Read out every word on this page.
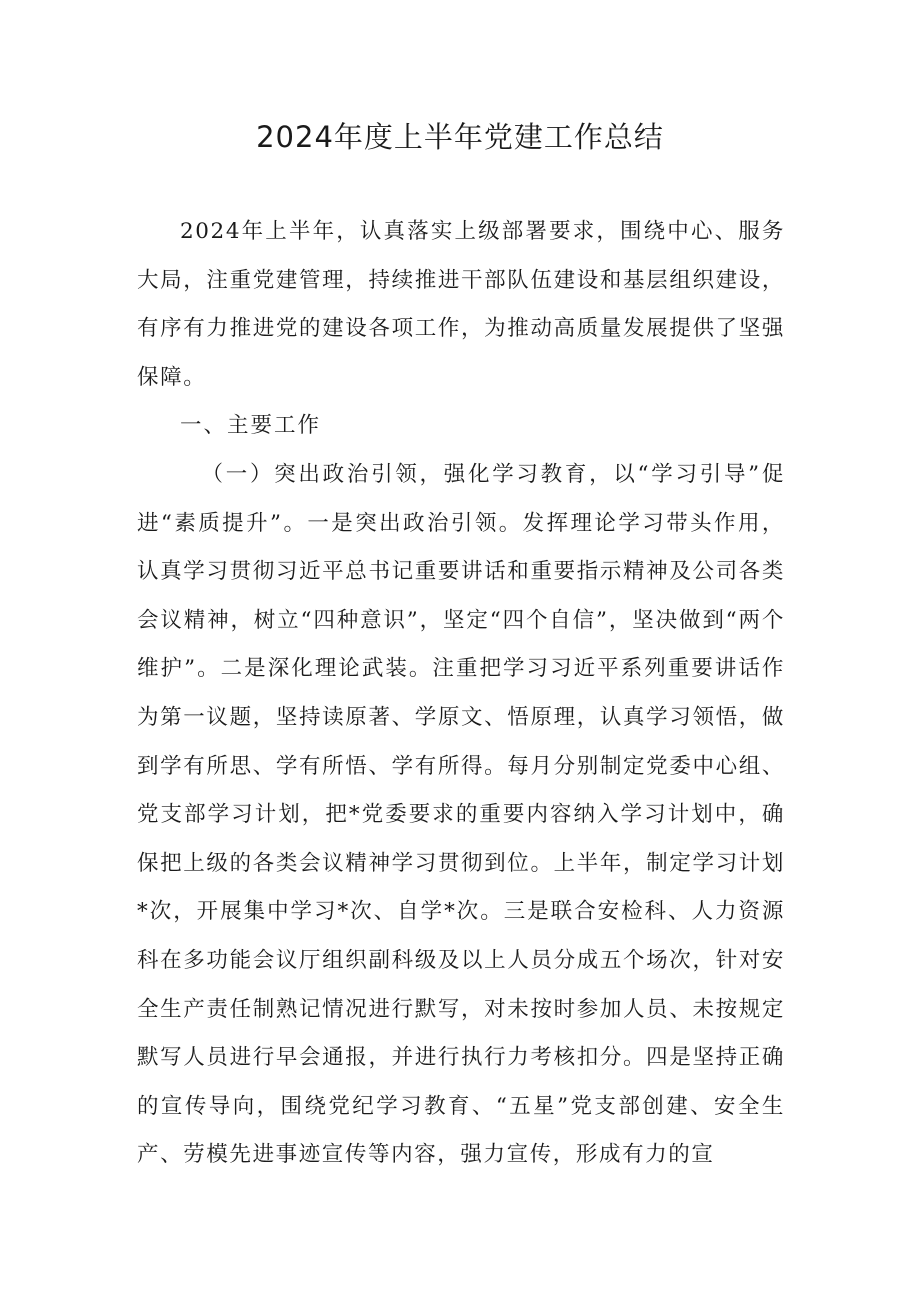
2024年度上半年党建工作总结

2024年上半年，认真落实上级部署要求，围绕中心、服务大局，注重党建管理，持续推进干部队伍建设和基层组织建设，有序有力推进党的建设各项工作，为推动高质量发展提供了坚强保障。

一、主要工作

（一）突出政治引领，强化学习教育，以“学习引导”促进“素质提升”。一是突出政治引领。发挥理论学习带头作用，认真学习贯彻习近平总书记重要讲话和重要指示精神及公司各类会议精神，树立“四种意识”，坚定“四个自信”，坚决做到“两个维护”。二是深化理论武装。注重把学习习近平系列重要讲话作为第一议题，坚持读原著、学原文、悟原理，认真学习领悟，做到学有所思、学有所悟、学有所得。每月分别制定党委中心组、党支部学习计划，把*党委要求的重要内容纳入学习计划中，确保把上级的各类会议精神学习贯彻到位。上半年，制定学习计划*次，开展集中学习*次、自学*次。三是联合安检科、人力资源科在多功能会议厅组织副科级及以上人员分成五个场次，针对安全生产责任制熟记情况进行默写，对未按时参加人员、未按规定默写人员进行早会通报，并进行执行力考核扣分。四是坚持正确的宣传导向，围绕党纪学习教育、“五星”党支部创建、安全生产、劳模先进事迹宣传等内容，强力宣传，形成有力的宣
